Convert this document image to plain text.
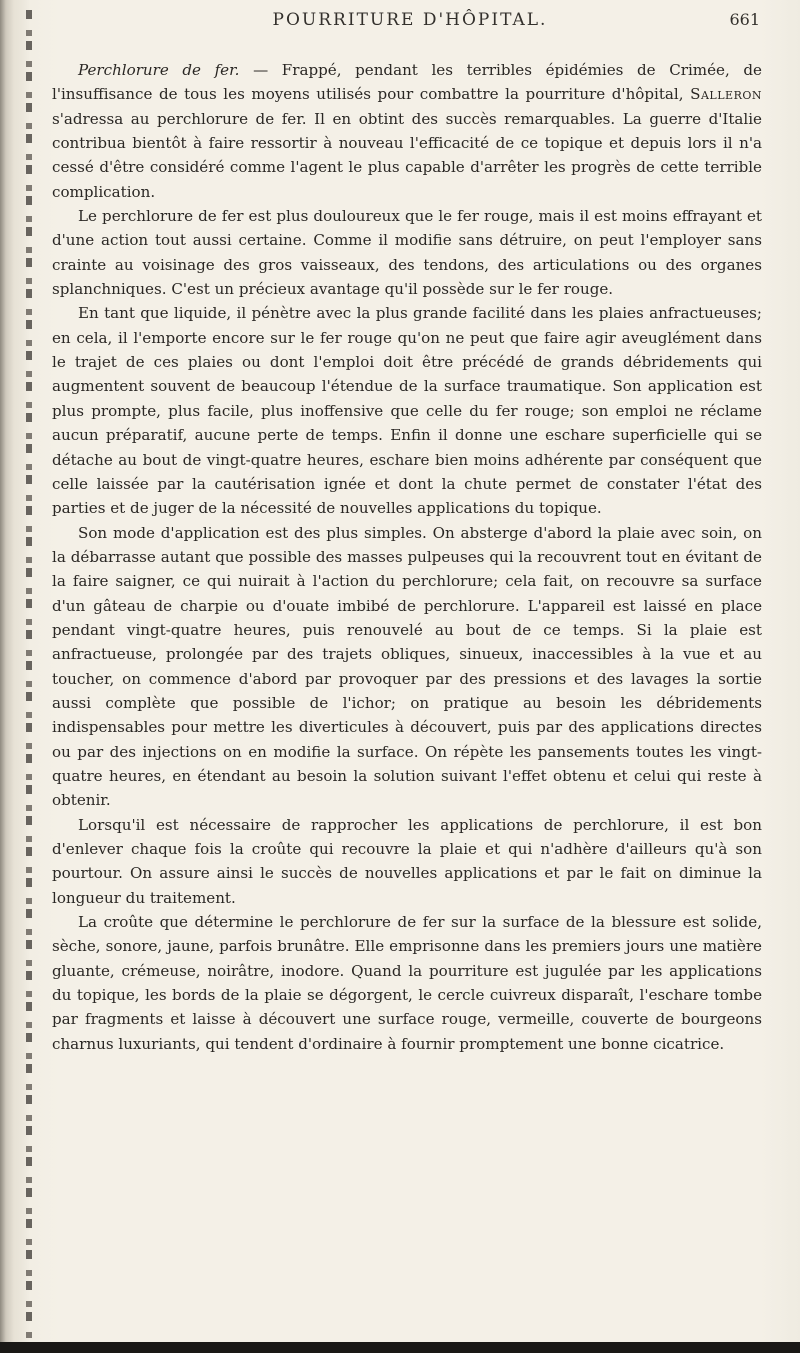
POURRITURE D'HÔPITAL.	661

Perchlorure de fer. — Frappé, pendant les terribles épidémies de Crimée, de l'insuffisance de tous les moyens utilisés pour combattre la pourriture d'hôpital, Salleron s'adressa au perchlorure de fer. Il en obtint des succès remarquables. La guerre d'Italie contribua bientôt à faire ressortir à nouveau l'efficacité de ce topique et depuis lors il n'a cessé d'être considéré comme l'agent le plus capable d'arrêter les progrès de cette terrible complication.

Le perchlorure de fer est plus douloureux que le fer rouge, mais il est moins effrayant et d'une action tout aussi certaine. Comme il modifie sans détruire, on peut l'employer sans crainte au voisinage des gros vaisseaux, des tendons, des articulations ou des organes splanchniques. C'est un précieux avantage qu'il possède sur le fer rouge.

En tant que liquide, il pénètre avec la plus grande facilité dans les plaies anfractueuses; en cela, il l'emporte encore sur le fer rouge qu'on ne peut que faire agir aveuglément dans le trajet de ces plaies ou dont l'emploi doit être précédé de grands débridements qui augmentent souvent de beaucoup l'étendue de la surface traumatique. Son application est plus prompte, plus facile, plus inoffensive que celle du fer rouge; son emploi ne réclame aucun préparatif, aucune perte de temps. Enfin il donne une eschare superficielle qui se détache au bout de vingt-quatre heures, eschare bien moins adhérente par conséquent que celle laissée par la cautérisation ignée et dont la chute permet de constater l'état des parties et de juger de la nécessité de nouvelles applications du topique.

Son mode d'application est des plus simples. On absterge d'abord la plaie avec soin, on la débarrasse autant que possible des masses pulpeuses qui la recouvrent tout en évitant de la faire saigner, ce qui nuirait à l'action du perchlorure; cela fait, on recouvre sa surface d'un gâteau de charpie ou d'ouate imbibé de perchlorure. L'appareil est laissé en place pendant vingt-quatre heures, puis renouvelé au bout de ce temps. Si la plaie est anfractueuse, prolongée par des trajets obliques, sinueux, inaccessibles à la vue et au toucher, on commence d'abord par provoquer par des pressions et des lavages la sortie aussi complète que possible de l'ichor; on pratique au besoin les débridements indispensables pour mettre les diverticules à découvert, puis par des applications directes ou par des injections on en modifie la surface. On répète les pansements toutes les vingt-quatre heures, en étendant au besoin la solution suivant l'effet obtenu et celui qui reste à obtenir.

Lorsqu'il est nécessaire de rapprocher les applications de perchlorure, il est bon d'enlever chaque fois la croûte qui recouvre la plaie et qui n'adhère d'ailleurs qu'à son pourtour. On assure ainsi le succès de nouvelles applications et par le fait on diminue la longueur du traitement.

La croûte que détermine le perchlorure de fer sur la surface de la blessure est solide, sèche, sonore, jaune, parfois brunâtre. Elle emprisonne dans les premiers jours une matière gluante, crémeuse, noirâtre, inodore. Quand la pourriture est jugulée par les applications du topique, les bords de la plaie se dégorgent, le cercle cuivreux disparaît, l'eschare tombe par fragments et laisse à découvert une surface rouge, vermeille, couverte de bourgeons charnus luxuriants, qui tendent d'ordinaire à fournir promptement une bonne cicatrice.
